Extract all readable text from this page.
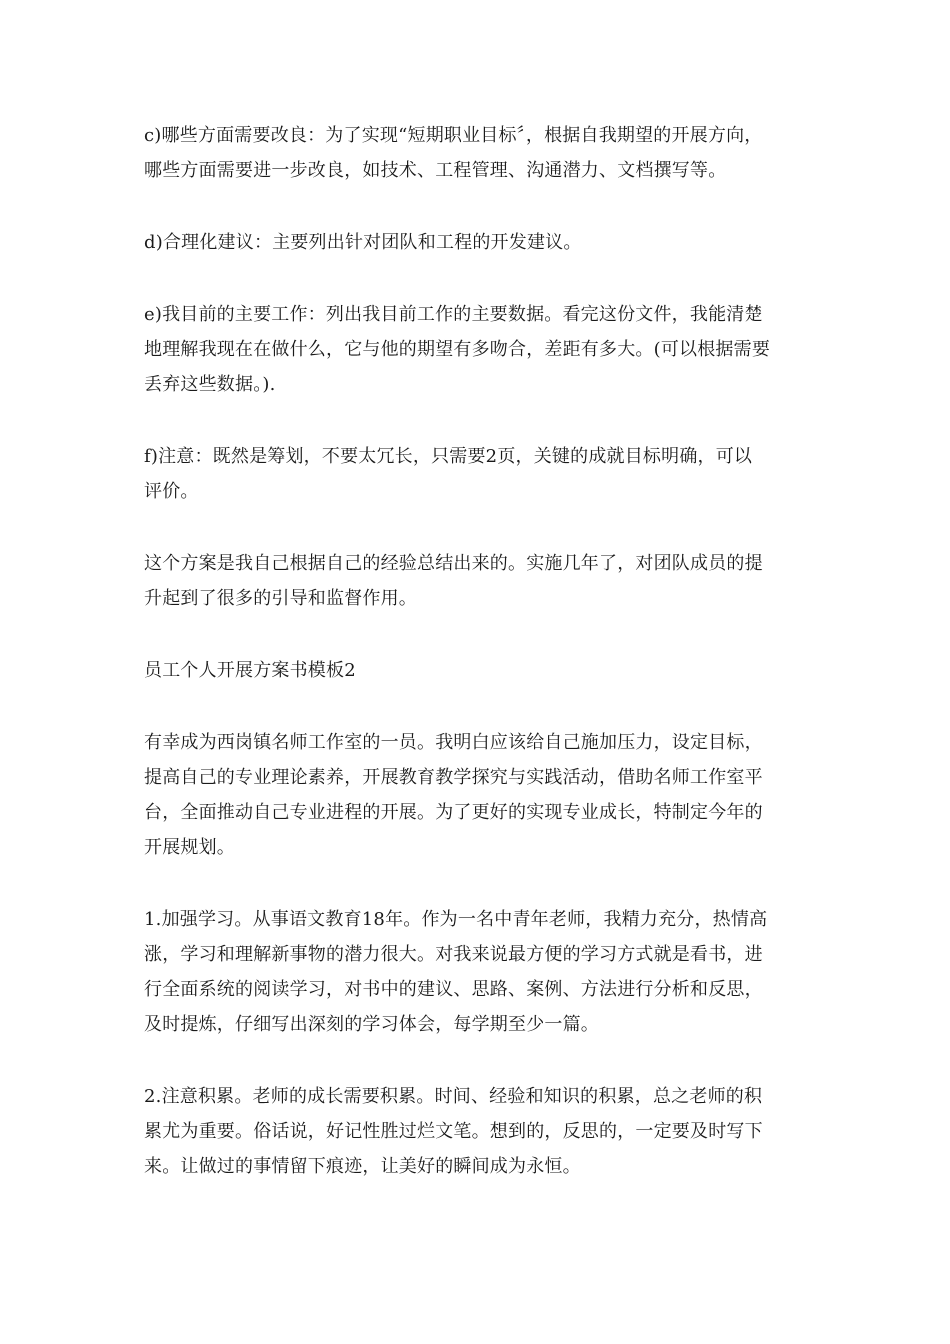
c)哪些方面需要改良：为了实现“短期职业目标〞，根据自我期望的开展方向，
哪些方面需要进一步改良，如技术、工程管理、沟通潜力、文档撰写等。

d)合理化建议：主要列出针对团队和工程的开发建议。

e)我目前的主要工作：列出我目前工作的主要数据。看完这份文件，我能清楚
地理解我现在在做什么，它与他的期望有多吻合，差距有多大。(可以根据需要
丢弃这些数据。).

f)注意：既然是筹划，不要太冗长，只需要2页，关键的成就目标明确，可以
评价。

这个方案是我自己根据自己的经验总结出来的。实施几年了，对团队成员的提
升起到了很多的引导和监督作用。

员工个人开展方案书模板2

有幸成为西岗镇名师工作室的一员。我明白应该给自己施加压力，设定目标，
提高自己的专业理论素养，开展教育教学探究与实践活动，借助名师工作室平
台，全面推动自己专业进程的开展。为了更好的实现专业成长，特制定今年的
开展规划。

1.加强学习。从事语文教育18年。作为一名中青年老师，我精力充分，热情高
涨，学习和理解新事物的潜力很大。对我来说最方便的学习方式就是看书，进
行全面系统的阅读学习，对书中的建议、思路、案例、方法进行分析和反思，
及时提炼，仔细写出深刻的学习体会，每学期至少一篇。

2.注意积累。老师的成长需要积累。时间、经验和知识的积累，总之老师的积
累尤为重要。俗话说，好记性胜过烂文笔。想到的，反思的，一定要及时写下
来。让做过的事情留下痕迹，让美好的瞬间成为永恒。
